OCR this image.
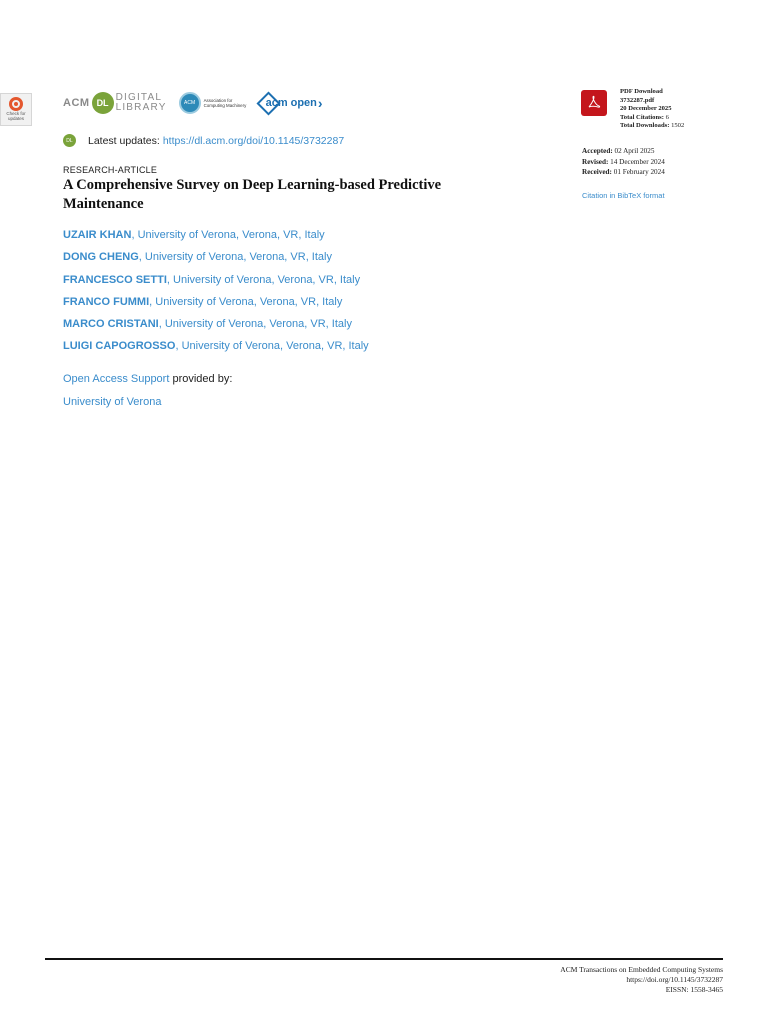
Check for updates
ACM DL DIGITAL
LIBRARY	ACM	Association for Computing Machinery acm open ›
DL	Latest updates: https://dl.acm.org/doi/10.1145/3732287
RESEARCH-ARTICLE
A Comprehensive Survey on Deep Learning-based Predictive Maintenance
UZAIR KHAN, University of Verona, Verona, VR, Italy
DONG CHENG, University of Verona, Verona, VR, Italy
FRANCESCO SETTI, University of Verona, Verona, VR, Italy
FRANCO FUMMI, University of Verona, Verona, VR, Italy
MARCO CRISTANI, University of Verona, Verona, VR, Italy
LUIGI CAPOGROSSO, University of Verona, Verona, VR, Italy
Open Access Support provided by:
University of Verona
PDF Download
3732287.pdf
20 December 2025
Total Citations: 6
Total Downloads: 1502
Accepted: 02 April 2025
Revised: 14 December 2024
Received: 01 February 2024
Citation in BibTeX format
ACM Transactions on Embedded Computing Systems
https://doi.org/10.1145/3732287
EISSN: 1558-3465
